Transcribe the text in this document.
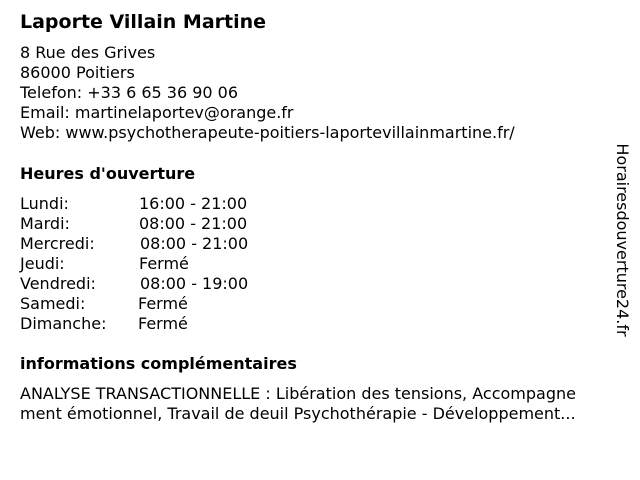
Laporte Villain Martine
8 Rue des Grives
86000 Poitiers
Telefon: +33 6 65 36 90 06
Email: martinelaportev@orange.fr
Web: www.psychotherapeute-poitiers-laportevillainmartine.fr/
Heures d'ouverture
Lundi:	16:00 - 21:00
Mardi:	08:00 - 21:00
Mercredi:	08:00 - 21:00
Jeudi:	Fermé
Vendredi:	08:00 - 19:00
Samedi:	Fermé
Dimanche: Fermé
informations complémentaires
ANALYSE TRANSACTIONNELLE : Libération des tensions, Accompagne
ment émotionnel, Travail de deuil Psychothérapie - Développement...
Horairesdouverture24.fr
